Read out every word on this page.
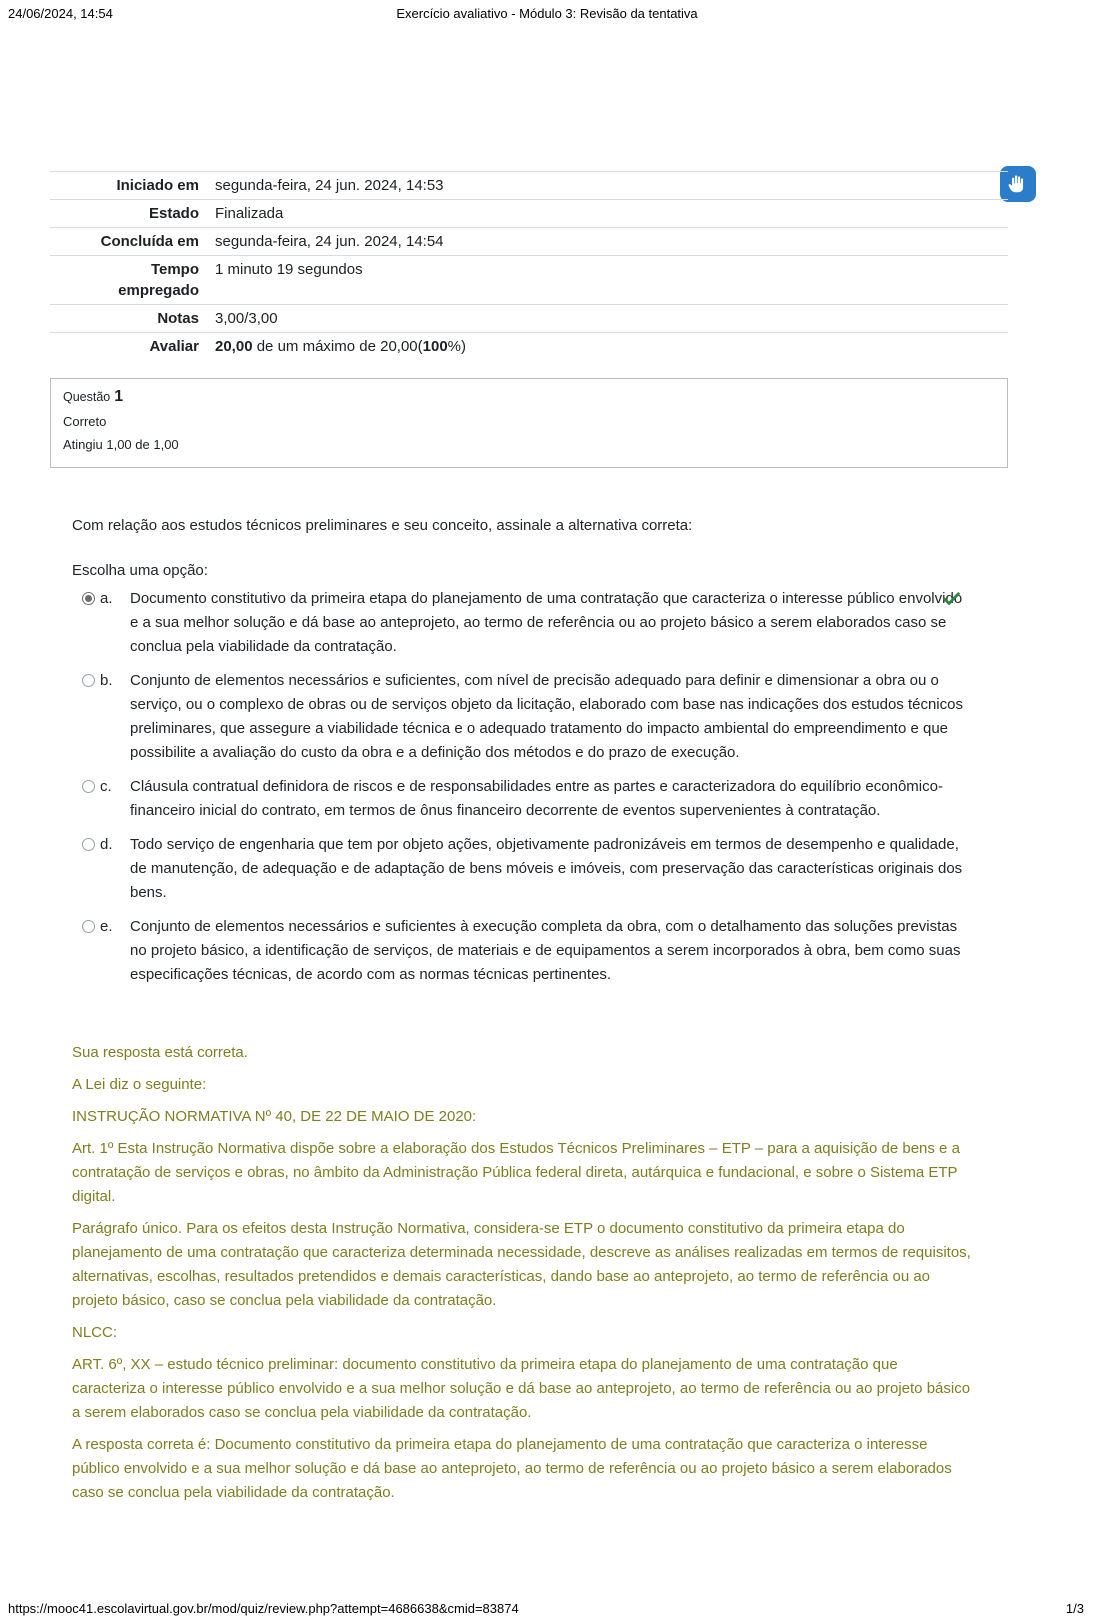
24/06/2024, 14:54	Exercício avaliativo - Módulo 3: Revisão da tentativa
Iniciado em	segunda-feira, 24 jun. 2024, 14:53
Estado	Finalizada
Concluída em	segunda-feira, 24 jun. 2024, 14:54
Tempo empregado	1 minuto 19 segundos
Notas	3,00/3,00
Avaliar	20,00 de um máximo de 20,00(100%)
Questão 1
Correto
Atingiu 1,00 de 1,00
Com relação aos estudos técnicos preliminares e seu conceito, assinale a alternativa correta:
Escolha uma opção:
a.	Documento constitutivo da primeira etapa do planejamento de uma contratação que caracteriza o interesse público envolvido e a sua melhor solução e dá base ao anteprojeto, ao termo de referência ou ao projeto básico a serem elaborados caso se conclua pela viabilidade da contratação.
b.	Conjunto de elementos necessários e suficientes, com nível de precisão adequado para definir e dimensionar a obra ou o serviço, ou o complexo de obras ou de serviços objeto da licitação, elaborado com base nas indicações dos estudos técnicos preliminares, que assegure a viabilidade técnica e o adequado tratamento do impacto ambiental do empreendimento e que possibilite a avaliação do custo da obra e a definição dos métodos e do prazo de execução.
c.	Cláusula contratual definidora de riscos e de responsabilidades entre as partes e caracterizadora do equilíbrio econômico-financeiro inicial do contrato, em termos de ônus financeiro decorrente de eventos supervenientes à contratação.
d.	Todo serviço de engenharia que tem por objeto ações, objetivamente padronizáveis em termos de desempenho e qualidade, de manutenção, de adequação e de adaptação de bens móveis e imóveis, com preservação das características originais dos bens.
e.	Conjunto de elementos necessários e suficientes à execução completa da obra, com o detalhamento das soluções previstas no projeto básico, a identificação de serviços, de materiais e de equipamentos a serem incorporados à obra, bem como suas especificações técnicas, de acordo com as normas técnicas pertinentes.

Sua resposta está correta.

A Lei diz o seguinte:

INSTRUÇÃO NORMATIVA Nº 40, DE 22 DE MAIO DE 2020:

Art. 1º Esta Instrução Normativa dispõe sobre a elaboração dos Estudos Técnicos Preliminares – ETP – para a aquisição de bens e a contratação de serviços e obras, no âmbito da Administração Pública federal direta, autárquica e fundacional, e sobre o Sistema ETP digital.

Parágrafo único. Para os efeitos desta Instrução Normativa, considera-se ETP o documento constitutivo da primeira etapa do planejamento de uma contratação que caracteriza determinada necessidade, descreve as análises realizadas em termos de requisitos, alternativas, escolhas, resultados pretendidos e demais características, dando base ao anteprojeto, ao termo de referência ou ao projeto básico, caso se conclua pela viabilidade da contratação.

NLCC:

ART. 6º, XX – estudo técnico preliminar: documento constitutivo da primeira etapa do planejamento de uma contratação que caracteriza o interesse público envolvido e a sua melhor solução e dá base ao anteprojeto, ao termo de referência ou ao projeto básico a serem elaborados caso se conclua pela viabilidade da contratação.

A resposta correta é: Documento constitutivo da primeira etapa do planejamento de uma contratação que caracteriza o interesse público envolvido e a sua melhor solução e dá base ao anteprojeto, ao termo de referência ou ao projeto básico a serem elaborados caso se conclua pela viabilidade da contratação.

https://mooc41.escolavirtual.gov.br/mod/quiz/review.php?attempt=4686638&cmid=83874	1/3
